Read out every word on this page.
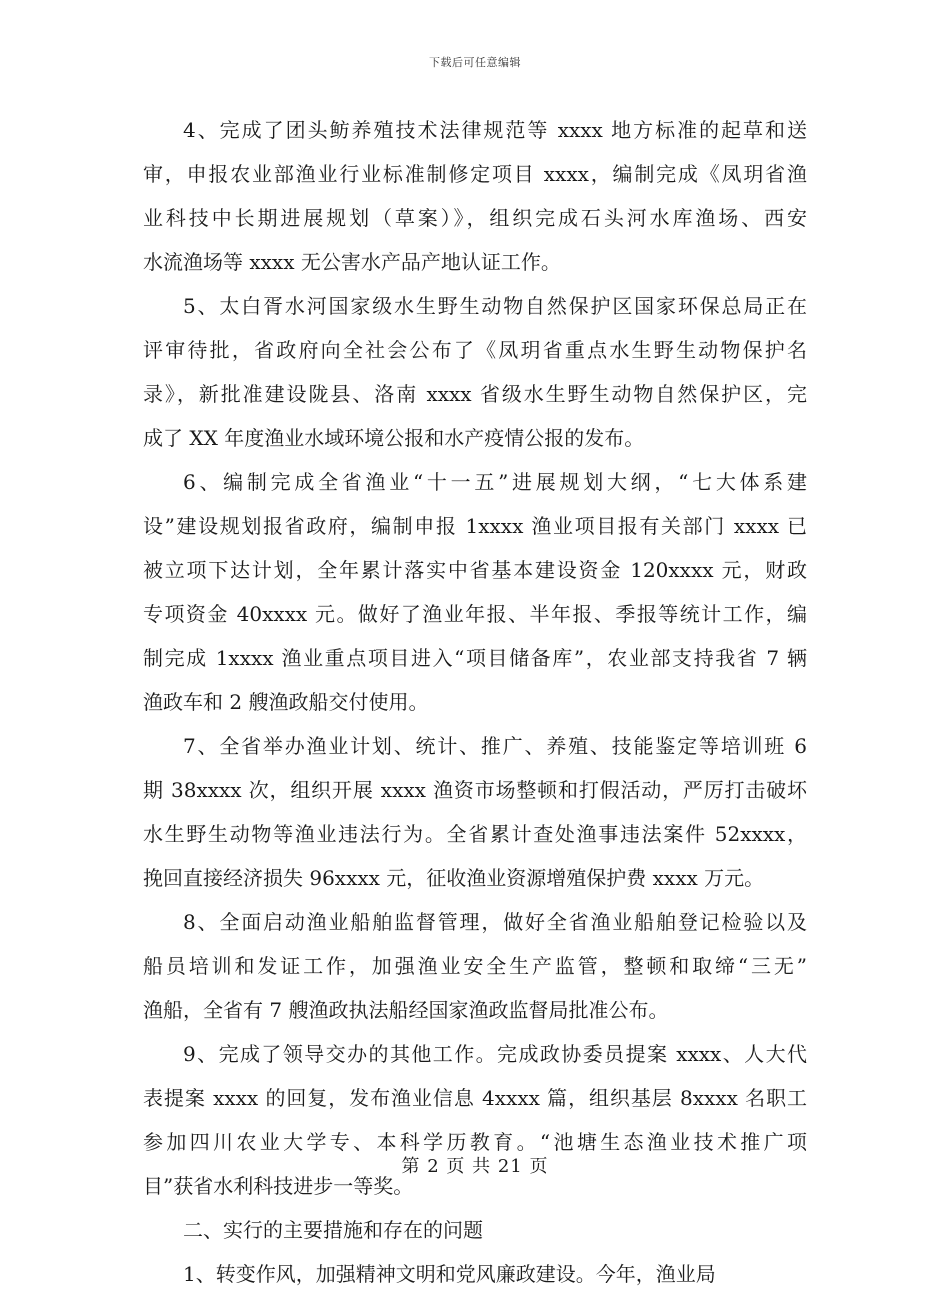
下载后可任意编辑
4、完成了团头鲂养殖技术法律规范等 xxxx 地方标准的起草和送
审，申报农业部渔业行业标准制修定项目 xxxx，编制完成《凤玥省渔
业科技中长期进展规划（草案）》，组织完成石头河水库渔场、西安
水流渔场等 xxxx 无公害水产品产地认证工作。
5、太白胥水河国家级水生野生动物自然保护区国家环保总局正在
评审待批，省政府向全社会公布了《凤玥省重点水生野生动物保护名
录》，新批准建设陇县、洛南 xxxx 省级水生野生动物自然保护区，完
成了 XX 年度渔业水域环境公报和水产疫情公报的发布。
6、编制完成全省渔业“十一五”进展规划大纲，“七大体系建
设”建设规划报省政府，编制申报 1xxxx 渔业项目报有关部门 xxxx 已
被立项下达计划，全年累计落实中省基本建设资金 120xxxx 元，财政
专项资金 40xxxx 元。做好了渔业年报、半年报、季报等统计工作，编
制完成 1xxxx 渔业重点项目进入“项目储备库”，农业部支持我省 7 辆
渔政车和 2 艘渔政船交付使用。
7、全省举办渔业计划、统计、推广、养殖、技能鉴定等培训班 6
期 38xxxx 次，组织开展 xxxx 渔资市场整顿和打假活动，严厉打击破坏
水生野生动物等渔业违法行为。全省累计查处渔事违法案件 52xxxx，
挽回直接经济损失 96xxxx 元，征收渔业资源增殖保护费 xxxx 万元。
8、全面启动渔业船舶监督管理，做好全省渔业船舶登记检验以及
船员培训和发证工作，加强渔业安全生产监管，整顿和取缔“三无”
渔船，全省有 7 艘渔政执法船经国家渔政监督局批准公布。
9、完成了领导交办的其他工作。完成政协委员提案 xxxx、人大代
表提案 xxxx 的回复，发布渔业信息 4xxxx 篇，组织基层 8xxxx 名职工
参加四川农业大学专、本科学历教育。“池塘生态渔业技术推广项
目”获省水利科技进步一等奖。
二、实行的主要措施和存在的问题
1、转变作风，加强精神文明和党风廉政建设。今年，渔业局
第 2 页 共 21 页
